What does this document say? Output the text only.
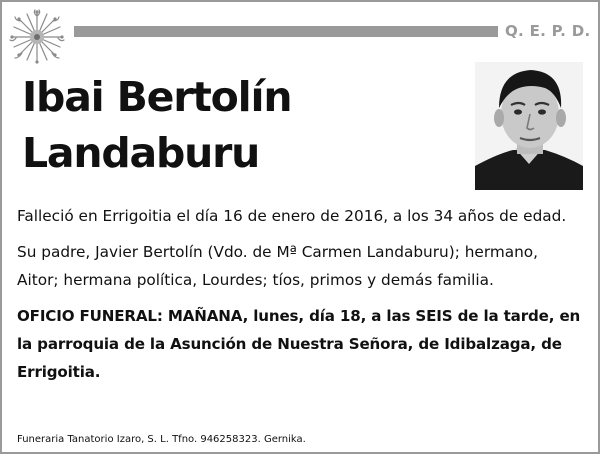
Q. E. P. D.
Ibai Bertolín
Landaburu

Falleció en Errigoitia el día 16 de enero de 2016, a los 34 años de edad.

Su padre, Javier Bertolín (Vdo. de Mª Carmen Landaburu); hermano, Aitor; hermana política, Lourdes; tíos, primos y demás familia.

OFICIO FUNERAL: MAÑANA, lunes, día 18, a las SEIS de la tarde, en la parroquia de la Asunción de Nuestra Señora, de Idibalzaga, de Errigoitia.

Funeraria Tanatorio Izaro, S. L. Tfno. 946258323. Gernika.
